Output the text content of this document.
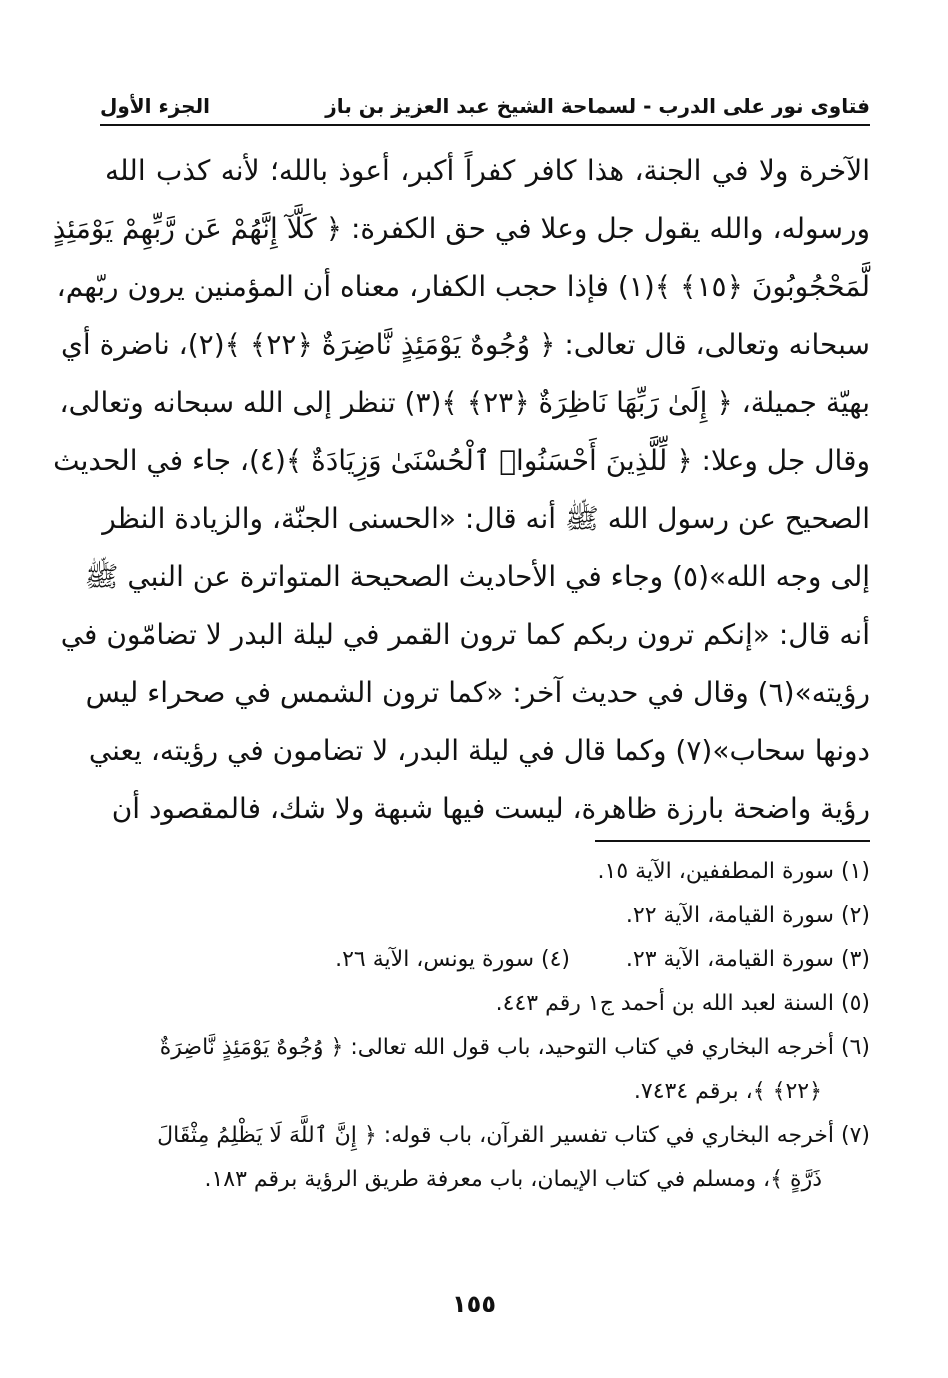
فتاوى نور على الدرب - لسماحة الشيخ عبد العزيز بن باز
الجزء الأول
الآخرة ولا في الجنة، هذا كافر كفراً أكبر، أعوذ بالله؛ لأنه كذب الله
ورسوله، والله يقول جل وعلا في حق الكفرة: ﴿ كَلَّآ إِنَّهُمْ عَن رَّبِّهِمْ يَوْمَئِذٍ
لَّمَحْجُوبُونَ ﴿١٥﴾ ﴾(١) فإذا حجب الكفار، معناه أن المؤمنين يرون ربّهم،
سبحانه وتعالى، قال تعالى: ﴿ وُجُوهٌ يَوْمَئِذٍ نَّاضِرَةٌ ﴿٢٢﴾ ﴾(٢)، ناضرة أي
بهيّة جميلة، ﴿ إِلَىٰ رَبِّهَا نَاظِرَةٌ ﴿٢٣﴾ ﴾(٣) تنظر إلى الله سبحانه وتعالى،
وقال جل وعلا: ﴿ لِّلَّذِينَ أَحْسَنُوا۟ ٱلْحُسْنَىٰ وَزِيَادَةٌ ﴾(٤)، جاء في الحديث
الصحيح عن رسول الله ﷺ أنه قال: «الحسنى الجنّة، والزيادة النظر
إلى وجه الله»(٥) وجاء في الأحاديث الصحيحة المتواترة عن النبي ﷺ
أنه قال: «إنكم ترون ربكم كما ترون القمر في ليلة البدر لا تضامّون في
رؤيته»(٦) وقال في حديث آخر: «كما ترون الشمس في صحراء ليس
دونها سحاب»(٧) وكما قال في ليلة البدر، لا تضامون في رؤيته، يعني
رؤية واضحة بارزة ظاهرة، ليست فيها شبهة ولا شك، فالمقصود أن
(١) سورة المطففين، الآية ١٥.
(٢) سورة القيامة، الآية ٢٢.
(٣) سورة القيامة، الآية ٢٣.
(٤) سورة يونس، الآية ٢٦.
(٥) السنة لعبد الله بن أحمد ج١ رقم ٤٤٣.
(٦) أخرجه البخاري في كتاب التوحيد، باب قول الله تعالى: ﴿ وُجُوهٌ يَوْمَئِذٍ نَّاضِرَةٌ
﴿٢٢﴾ ﴾، برقم ٧٤٣٤.
(٧) أخرجه البخاري في كتاب تفسير القرآن، باب قوله: ﴿ إِنَّ ٱللَّهَ لَا يَظْلِمُ مِثْقَالَ
ذَرَّةٍ ﴾، ومسلم في كتاب الإيمان، باب معرفة طريق الرؤية برقم ١٨٣.
١٥٥
